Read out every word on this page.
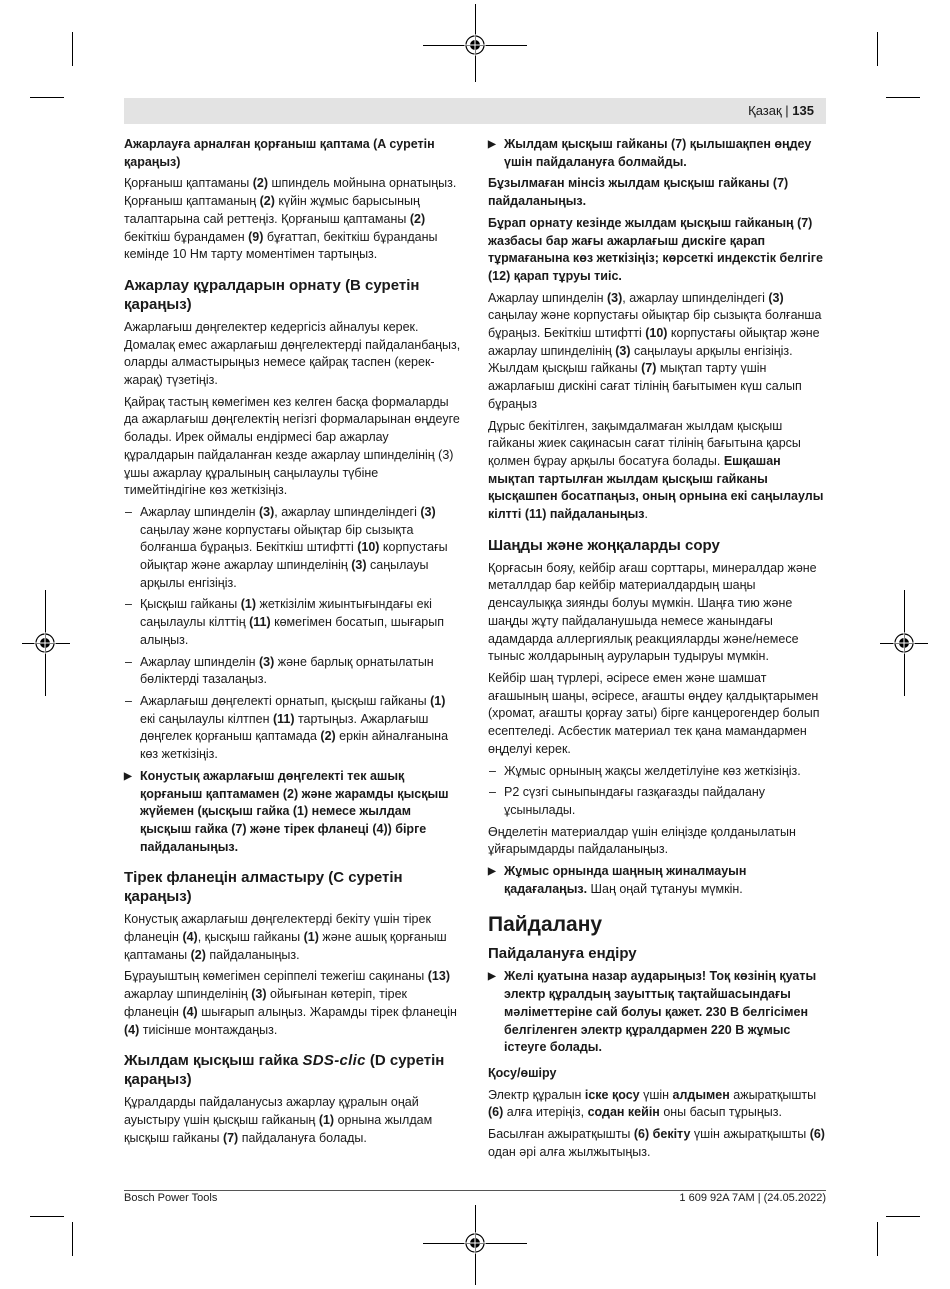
Қазақ | 135

Ажарлауға арналған қорғаныш қаптама (A суретін қараңыз)

Қорғаныш қаптаманы (2) шпиндель мойнына орнатыңыз. Қорғаныш қаптаманың (2) күйін жұмыс барысының талаптарына сай реттеңіз. Қорғаныш қаптаманы (2) бекіткіш бұрандамен (9) бұғаттап, бекіткіш бұранданы кемінде 10 Нм тарту моментімен тартыңыз.

Ажарлау құралдарын орнату (B суретін қараңыз)

Ажарлағыш дөңгелектер кедергісіз айналуы керек. Домалақ емес ажарлағыш дөңгелектерді пайдаланбаңыз, оларды алмастырыңыз немесе қайрақ таспен (керек-жарақ) түзетіңіз.

Қайрақ тастың көмегімен кез келген басқа формаларды да ажарлағыш дөңгелектің негізгі формаларынан өңдеуге болады. Ирек оймалы ендірмесі бар ажарлау құралдарын пайдаланған кезде ажарлау шпинделінің (3) ұшы ажарлау құралының саңылаулы түбіне тимейтіндігіне көз жеткізіңіз.

– Ажарлау шпинделін (3), ажарлау шпинделіндегі (3) саңылау және корпустағы ойықтар бір сызықта болғанша бұраңыз. Бекіткіш штифтті (10) корпустағы ойықтар және ажарлау шпинделінің (3) саңылауы арқылы енгізіңіз.

– Қысқыш гайканы (1) жеткізілім жиынтығындағы екі саңылаулы кілттің (11) көмегімен босатып, шығарып алыңыз.

– Ажарлау шпинделін (3) және барлық орнатылатын бөліктерді тазалаңыз.

– Ажарлағыш дөңгелекті орнатып, қысқыш гайканы (1) екі саңылаулы кілтпен (11) тартыңыз. Ажарлағыш дөңгелек қорғаныш қаптамада (2) еркін айналғанына көз жеткізіңіз.

▶ Конустық ажарлағыш дөңгелекті тек ашық қорғаныш қаптамамен (2) және жарамды қысқыш жүйемен (қысқыш гайка (1) немесе жылдам қысқыш гайка (7) және тірек фланеці (4)) бірге пайдаланыңыз.

Тірек фланецін алмастыру (C суретін қараңыз)

Конустық ажарлағыш дөңгелектерді бекіту үшін тірек фланецін (4), қысқыш гайканы (1) және ашық қорғаныш қаптаманы (2) пайдаланыңыз.

Бұрауыштың көмегімен серіппелі тежегіш сақинаны (13) ажарлау шпинделінің (3) ойығынан көтеріп, тірек фланецін (4) шығарып алыңыз. Жарамды тірек фланецін (4) тиісінше монтаждаңыз.

Жылдам қысқыш гайка SDS-clic (D суретін қараңыз)

Құралдарды пайдаланусыз ажарлау құралын оңай ауыстыру үшін қысқыш гайканың (1) орнына жылдам қысқыш гайканы (7) пайдалануға болады.

▶ Жылдам қысқыш гайканы (7) қылышақпен өңдеу үшін пайдалануға болмайды.

Бұзылмаған мінсіз жылдам қысқыш гайканы (7) пайдаланыңыз.

Бұрап орнату кезінде жылдам қысқыш гайканың (7) жазбасы бар жағы ажарлағыш дискіге қарап тұрмағанына көз жеткізіңіз; көрсеткі индекстік белгіге (12) қарап тұруы тиіс.

Ажарлау шпинделін (3), ажарлау шпинделіндегі (3) саңылау және корпустағы ойықтар бір сызықта болғанша бұраңыз. Бекіткіш штифтті (10) корпустағы ойықтар және ажарлау шпинделінің (3) саңылауы арқылы енгізіңіз. Жылдам қысқыш гайканы (7) мықтап тарту үшін ажарлағыш дискіні сағат тілінің бағытымен күш салып бұраңыз

Дұрыс бекітілген, зақымдалмаған жылдам қысқыш гайканы жиек сақинасын сағат тілінің бағытына қарсы қолмен бұрау арқылы босатуға болады. Ешқашан мықтап тартылған жылдам қысқыш гайканы қысқашпен босатпаңыз, оның орнына екі саңылаулы кілтті (11) пайдаланыңыз.

Шаңды және жоңқаларды сору

Қорғасын бояу, кейбір ағаш сорттары, минералдар және металлдар бар кейбір материалдардың шаңы денсаулыққа зиянды болуы мүмкін. Шаңға тию және шаңды жұту пайдаланушыда немесе жанындағы адамдарда аллергиялық реакцияларды және/немесе тыныс жолдарының ауруларын тудыруы мүмкін.

Кейбір шаң түрлері, әсіресе емен және шамшат ағашының шаңы, әсіресе, ағашты өңдеу қалдықтарымен (хромат, ағашты қорғау заты) бірге канцерогендер болып есептеледі. Асбестик материал тек қана мамандармен өңделуі керек.

– Жұмыс орнының жақсы желдетілуіне көз жеткізіңіз.

– P2 сүзгі сыныпындағы газқағазды пайдалану ұсынылады.

Өңделетін материалдар үшін еліңізде қолданылатын ұйғарымдарды пайдаланыңыз.

▶ Жұмыс орнында шаңның жиналмауын қадағалаңыз. Шаң оңай тұтануы мүмкін.

Пайдалану
Пайдалануға ендіру

▶ Желі қуатына назар аударыңыз! Тоқ көзінің қуаты электр құралдың зауыттық тақтайшасындағы мәліметтеріне сай болуы қажет. 230 В белгісімен белгіленген электр құралдармен 220 В жұмыс істеуге болады.

Қосу/өшіру

Электр құралын іске қосу үшін алдымен ажыратқышты (6) алға итеріңіз, содан кейін оны басып тұрыңыз.

Басылған ажыратқышты (6) бекіту үшін ажыратқышты (6) одан әрі алға жылжытыңыз.

Bosch Power Tools	1 609 92A 7AM | (24.05.2022)
